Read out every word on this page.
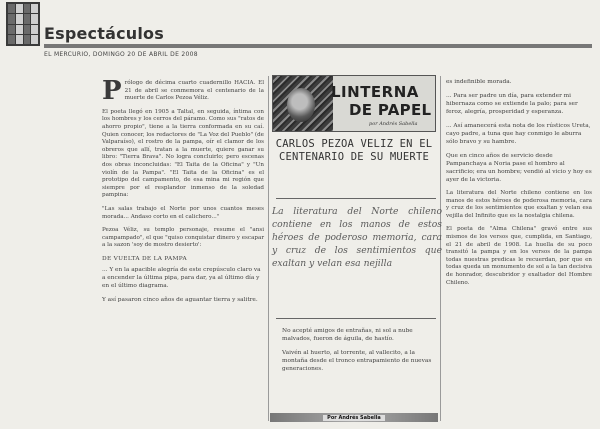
Espectáculos
EL MERCURIO, DOMINGO 20 DE ABRIL DE 2008

Prólogo de décima cuarto cuadernillo HACIA. El 21 de abril se conmemora el centenario de la muerte de Carlos Pezoa Véliz.

El poeta llegó en 1905 a Taltal, en seguida, íntima con los hombres y los cerros del páramo. Como sus "ratos de ahorro propio", tiene a la tierra conformada en su caí. Quien conocer, los redactores de "La Voz del Pueblo" (de Valparaíso), el rostro de la pampa, oír el clamor de los obreros que allí, tratan a la muerte, quiere ganar su libro: "Tierra Brava". No logra concluirlo; pero escenas dos obras inconcluidas: "El Taita de la Oficina" y "Un violín de la Pampa". "El Taita de la Oficina" es el prototipo del campamento, de esa mina mi región que siempre por el resplandor inmenso de la soledad pampina:

"Las salas trabajo el Norte por unos cuantos meses morada... Andaso corto en el calichero..."

Pezoa Véliz, su templo personaje, resume el "ansi campampado", el que "quiso conquistar dinero y escapar a la sazon 'soy de mostro desierto':

DE VUELTA DE LA PAMPA

... Y en la apacible alegría de este crepúsculo claro va a encender la última pipa, para dar, ya al último día y en el último diagrama.

Y así pasaron cinco años de aguantar tierra y salitre.

LINTERNA
DE PAPEL
por Andrés Sabella
CARLOS PEZOA VELIZ EN EL CENTENARIO DE SU MUERTE
La literatura del Norte chileno contiene en los manos de estos héroes de poderoso memoria, cara y cruz de los sentimientos que exaltan y velan esa nejilla

No acepté amigos de entrañas, ni sol a nube malvados, fueron de águila, de hastío.

Vaivén al huerto, al torrente, al vallecito, a la montaña desde el tronco entrapamiento de nuevas generaciones.

Por Andrés Sabella

es indefinible morada.

... Para ser padre un día, para extender mi hibernaza como se extiende la palo; para ser feroz, alegría, prosperidad y esperanza.

... Así amanecerá esta nota de los rústicos Ureta, cayo padre, a tuna que hay conmigo le aburra sólo bravo y su hambre.

Que en cinco años de servicio desde Pampanchaya a Noria pase el hombro al sacrificio; era un hombre; vendió al vicio y hoy es ayer de la victoria.

La literatura del Norte chileno contiene en los manos de estos héroes de poderosa memoria, cara y cruz de los sentimientos que exaltan y velan esa vejilla del Infinito que es la nostalgia chilena.

El poeta de "Alma Chilena" gravó entre sus mismos de los versos que, cumplida, en Santiago, el 21 de abril de 1908. La huella de su poco transitó la pampa y en los versos de la pampa todas nuestras predicas le recuerdan, por que en todas queda un monumento de sol a la tan decisiva de honrador, descubridor y exaltador del Hombre Chileno.
